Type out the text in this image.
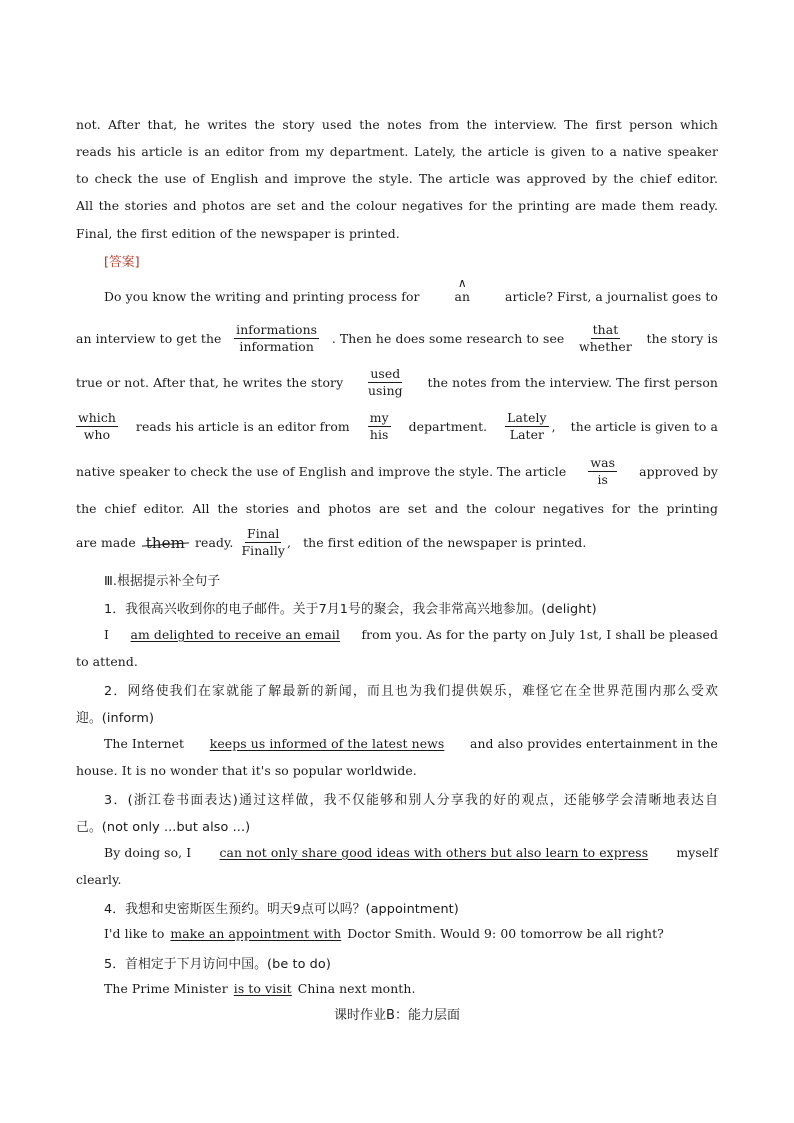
not. After that, he writes the story used the notes from the interview. The first person which
reads his article is an editor from my department. Lately, the article is given to a native speaker
to check the use of English and improve the style. The article was approved by the chief editor.
All the stories and photos are set and the colour negatives for the printing are made them ready.
Final, the first edition of the newspaper is printed.
[答案]
Do you know the writing and printing process for
∧
an	article? First, a journalist goes to
an interview to get the $\frac{\text{informations}}{\text{information}}$ . Then he does some research to see $\frac{\text{that}}{\text{whether}}$ the story is
true or not. After that, he writes the story $\frac{\text{used}}{using}$ the notes from the interview. The first person
$\frac{\text{which}}{\text{who}}$ reads his article is an editor from $\frac{my}{\text{his}}$ department. $\frac{\text{Lately}}{\text{Later}}$ , the article is given to a
native speaker to check the use of English and improve the style. The article $\frac{\text{was}}{is}$ approved by
the chief editor. All the stories and photos are set and the colour negatives for the printing
are made them ready. $\frac{\text{Final}}{\text{Finally}}$ , the first edition of the newspaper is printed.
Ⅲ.根据提示补全句子
1．我很高兴收到你的电子邮件。关于7月1号的聚会，我会非常高兴地参加。(delight)
I am delighted to receive an email from you. As for the party on July 1st, I shall be pleased
to attend.
2．网络使我们在家就能了解最新的新闻，而且也为我们提供娱乐，难怪它在全世界范围内那么受欢
迎。(inform)
The Internet keeps us informed of the latest news and also provides entertainment in the
house. It is no wonder that it's so popular worldwide.
3．(浙江卷书面表达)通过这样做，我不仅能够和别人分享我的好的观点，还能够学会清晰地表达自
己。(not only ...but also ...)
By doing so, I can not only share good ideas with others but also learn to express myself
clearly.
4．我想和史密斯医生预约。明天9点可以吗？(appointment)
I'd like to make an appointment with Doctor Smith. Would 9: 00 tomorrow be all right?
5．首相定于下月访问中国。(be to do)
The Prime Minister is to visit China next month.
课时作业B：能力层面
